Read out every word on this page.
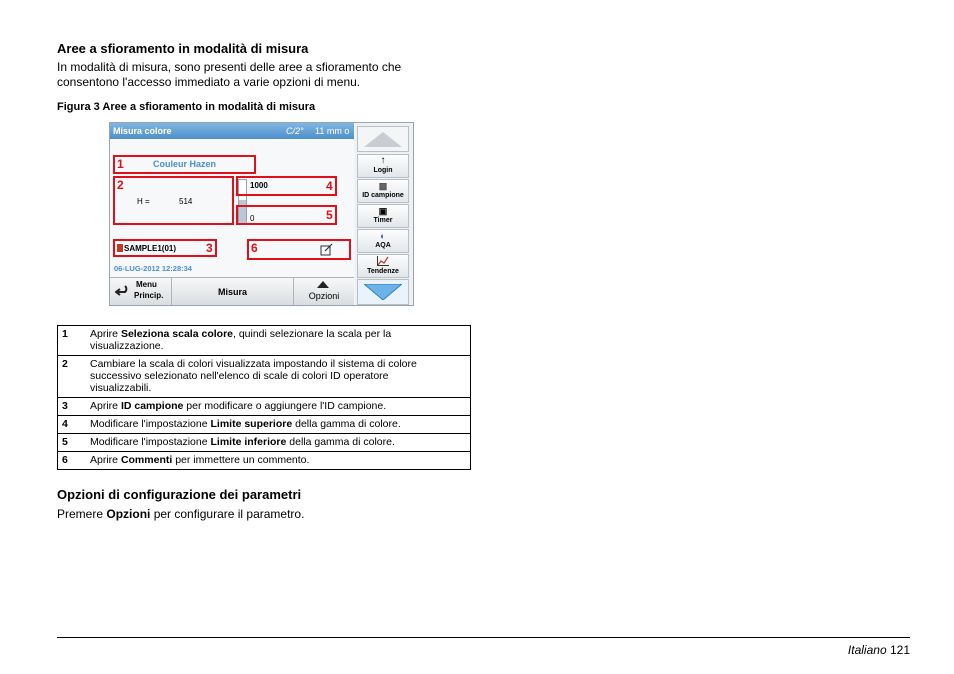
Aree a sfioramento in modalità di misura

In modalità di misura, sono presenti delle aree a sfioramento che
consentono l'accesso immediato a varie opzioni di menu.

Figura 3 Aree a sfioramento in modalità di misura
Misura colore	C/2° 11 mm o
1	Couleur Hazen
2
H =	514
1000	4
0	5
SAMPLE1(01) 3	6
06-LUG-2012 12:28:34
Menu
Princip.	Misura	Opzioni
↑
Login
▩
ID campione
▣
Timer
◐
AQA

Tendenze
1	Aprire Seleziona scala colore, quindi selezionare la scala per la
visualizzazione.
2	Cambiare la scala di colori visualizzata impostando il sistema di colore
successivo selezionato nell'elenco di scale di colori ID operatore
visualizzabili.
3	Aprire ID campione per modificare o aggiungere l'ID campione.
4	Modificare l'impostazione Limite superiore della gamma di colore.
5	Modificare l'impostazione Limite inferiore della gamma di colore.
6	Aprire Commenti per immettere un commento.
Opzioni di configurazione dei parametri

Premere Opzioni per configurare il parametro.

Italiano 121
